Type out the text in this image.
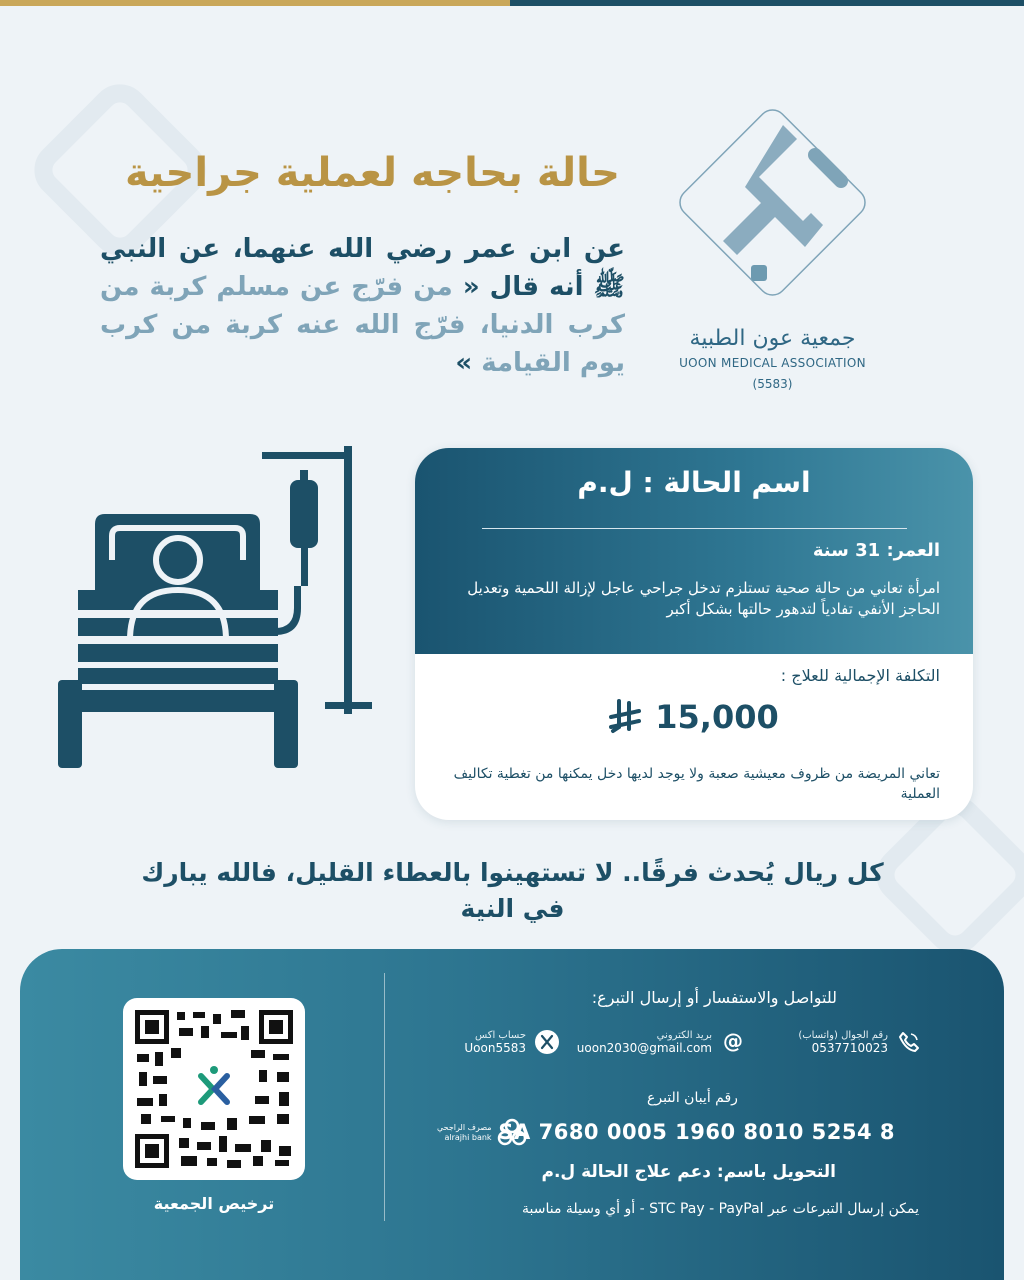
حالة بحاجه لعملية جراحية
عن ابن عمر رضي الله عنهما، عن النبي ﷺ أنه قال « من فرّج عن مسلم كربة من كرب الدنيا، فرّج الله عنه كربة من كرب يوم القيامة »
جمعية عون الطبية
UOON MEDICAL ASSOCIATION
(5583)
اسم الحالة : ل.م
العمر: 31 سنة
امرأة تعاني من حالة صحية تستلزم تدخل جراحي عاجل لإزالة اللحمية وتعديل الحاجز الأنفي تفادياً لتدهور حالتها بشكل أكبر
التكلفة الإجمالية للعلاج :
15,000
تعاني المريضة من ظروف معيشية صعبة ولا يوجد لديها دخل يمكنها من تغطية تكاليف العملية
كل ريال يُحدث فرقًا.. لا تستهينوا بالعطاء القليل، فالله يبارك في النية
ترخيص الجمعية
للتواصل والاستفسار أو إرسال التبرع:
رقم الجوال (واتساب)
0537710023
@
بريد الكتروني
uoon2030@gmail.com
حساب اكس
Uoon5583
رقم أيبان التبرع
SA 7680 0005 1960 8010 5254 8
مصرف الراجحي
alrajhi bank
التحويل باسم: دعم علاج الحالة ل.م
يمكن إرسال التبرعات عبر STC Pay - PayPal - أو أي وسيلة مناسبة
